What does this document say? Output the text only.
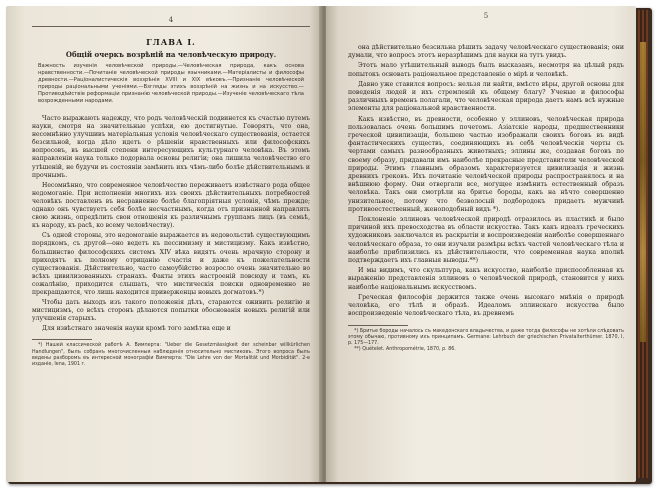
4
ГЛАВА I.
Общій очеркъ возрѣній на человѣческую природу.
Важность изученія человѣческой природы.—Человѣческая природа, какъ основа нравственности.—Почитаніе человѣческой природы язычниками.—Матеріалисты и философы древности.—Раціоналистическія воззрѣнія XVIII и XIX вѣковъ.—Признаніе человѣческой природы раціональными ученіями.—Взгляды этихъ воззрѣній на жизнь и на искусство.—Противодѣйствіе реформаціи признанію человѣческой природы.—Изученіе человѣческаго тѣла возрожденными народами.

Часто выражають надежду, что родъ человѣческій подвинется къ счастью путемъ науки, смотря на значительные успѣхи, ею достигнутые. Говорятъ, что она, несомнѣнно улучшивъ матеріальныя условія человѣческаго существованія, остается безсильной, когда дѣло идетъ о рѣшеніи нравственныхъ или философскихъ вопросовъ, въ высшей степени интересующихъ культурнаго человѣка. Въ этомъ направленіи наука только подорвала основы религіи; она лишила человѣчество его утѣшеній, не будучи въ состояніи замѣнить ихъ чѣмъ-либо болѣе дѣйствительнымъ и прочнымъ.

Несомнѣнно, что современное человѣчество переживаетъ извѣстнаго рода общее недомоганіе. При исполненіи многихъ изъ своихъ дѣйствительныхъ потребностей человѣкъ поставленъ въ несравненно болѣе благопріятныя условія, чѣмъ прежде; однако онъ чувствуетъ себя болѣе несчастнымъ, когда отъ признанной направлять свою жизнь, опредѣлить свои отношенія къ различнымъ группамъ лицъ (въ семьѣ, къ народу, къ расѣ, ко всему человѣчеству).

Съ одной стороны, это недомоганіе выражается въ недовольствѣ существующимъ порядкомъ, съ другой—оно ведетъ къ пессимизму и мистицизму. Какъ извѣстно, большинство философскихъ системъ XIV вѣка видятъ очень мрачную сторону и приходятъ къ полному отрицанію счастія и даже къ пожелательности существованія. Дѣйствительно, часто самоубійство возросло очень значительно во всѣхъ цивилизованныхъ странахъ. Факты этихъ настроеній повсюду и тамъ, къ сожалѣнію, приходится слышать, что мистическія поиски одновременно не прекращаются, что лишь находится приверженцы новыхъ догматовъ.*)

Чтобы дать выходъ изъ такого положенія дѣлъ, стараются оживить религію и мистицизмъ, со всѣхъ сторонъ дѣлаются попытки обоснованія новыхъ религій или улучшенія старыхъ.

Для извѣстнаго значенія науки кромѣ того замѣтна еще и

*) Нашей классической работѣ А. Вимперта: "Ueber die Gesetzmässigkeit der scheinbar willkürlichen Handlungen", былъ собранъ многочисленныя наблюденія относительно мистиковъ. Этого вопроса былъ ведены разборомъ въ интересной монографіи Вимперта: "Die Lehre von der Mortalität und Morbidität". 2-е изданіе, Iena, 1901 г.

5

она дѣйствительно безсильна рѣшить задачу человѣческаго существованія; они думали, что вопросъ этотъ неразрѣшимъ для науки на тутъ увидъ.

Этотъ мало утѣшительный выводъ былъ высказанъ, несмотря на цѣлый рядъ попытокъ основать раціональное представленіе о мірѣ и человѣкѣ.

Давно уже ставился вопросъ: нельзя ли найти, вмѣсто вѣры, другой основы для поведенія людей и ихъ стремленій къ общему благу? Ученые и философы различныхъ временъ полагали, что человѣческая природа даетъ намъ всѣ нужные элементы для раціональной нравственности.

Какъ извѣстно, въ древности, особенно у эллиновъ, человѣческая природа пользовалась очень большимъ почетомъ. Азіатскіе народы, предшественники греческой цивилизаціи, большею частью изображали своихъ боговъ въ видѣ фантастическихъ существъ, соединяющихъ въ себѣ человѣческія черты съ чертами самыхъ разнообразныхъ животныхъ; эллины же, создавая боговъ по своему образу, придавали имъ наиболѣе прекрасные представители человѣческой природы. Этимъ главнымъ образомъ характеризуется цивилизація и жизнь древнихъ грековъ. Ихъ почитаніе человѣческой природы распространялось и на внѣшнюю форму. Они отвергали все, могущее измѣнить естественный образъ человѣка. Такъ они смотрѣли на бритье бороды, какъ на нѣчто совершенно унизительное, потому что безволосый подбородокъ придаетъ мужчинѣ противоестественный, женоподобный видъ *).

Поклоненіе эллиновъ человѣческой природѣ отразилось въ пластикѣ и было причиной ихъ превосходства въ области искусства. Такъ какъ идеалъ греческихъ художниковъ заключался въ раскрытіи и воспроизведеніи наиболѣе совершеннаго человѣческаго образа, то они изучали размѣры всѣхъ частей человѣческаго тѣла и наиболѣе приблизились къ дѣйствительности, что современная наука вполнѣ подтверждаетъ ихъ главныя выводы.**)

И мы видимъ, что скульптура, какъ искусство, наиболѣе приспособленная къ выраженію представленія эллиновъ о человѣческой природѣ, становится у нихъ наиболѣе національнымъ искусствомъ.

Греческая философія держится также очень высокаго мнѣнія о природѣ человѣка, его тѣлѣ и образѣ. Идеаломъ эллинскаго искусства было воспроизведеніе человѣческаго тѣла, въ древнемъ

*) Бритье бороды началось съ македонскаго владычества, и даже тогда философы не хотѣли слѣдовать этому обычаю, противному ихъ принципамъ. Germane: Lehrbuch der griechischen Privatalterthümer. 1870, I, р. 175—177.

**) Quételet. Anthropométrie, 1870, р. 86.
